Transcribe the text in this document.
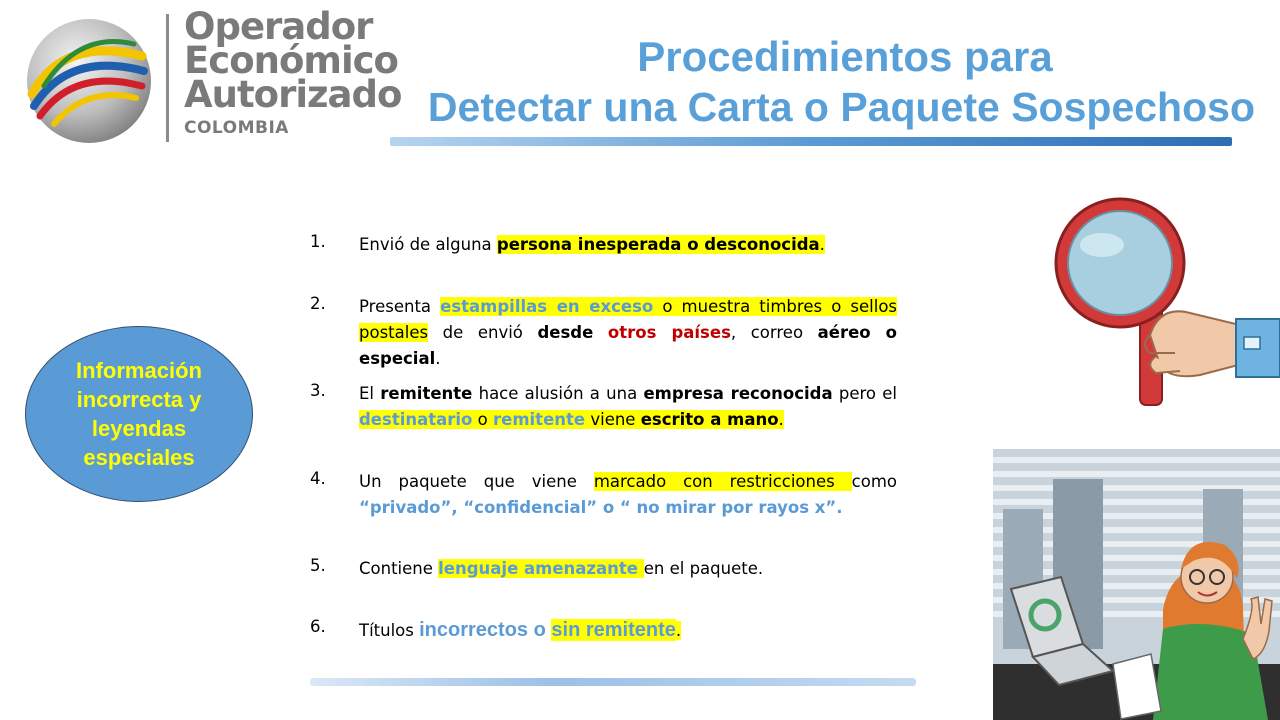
Operador
Económico
Autorizado
COLOMBIA
Procedimientos para
Detectar una Carta o Paquete Sospechoso
Información incorrecta y leyendas especiales
1. Envió de alguna persona inesperada o desconocida.
2. Presenta estampillas en exceso o muestra timbres o sellos postales de envió desde otros países, correo aéreo o especial.
3. El remitente hace alusión a una empresa reconocida pero el destinatario o remitente viene escrito a mano.
4. Un paquete que viene marcado con restricciones como “privado”, “confidencial” o “ no mirar por rayos x”.
5. Contiene lenguaje amenazante en el paquete.
6. Títulos incorrectos o sin remitente.
